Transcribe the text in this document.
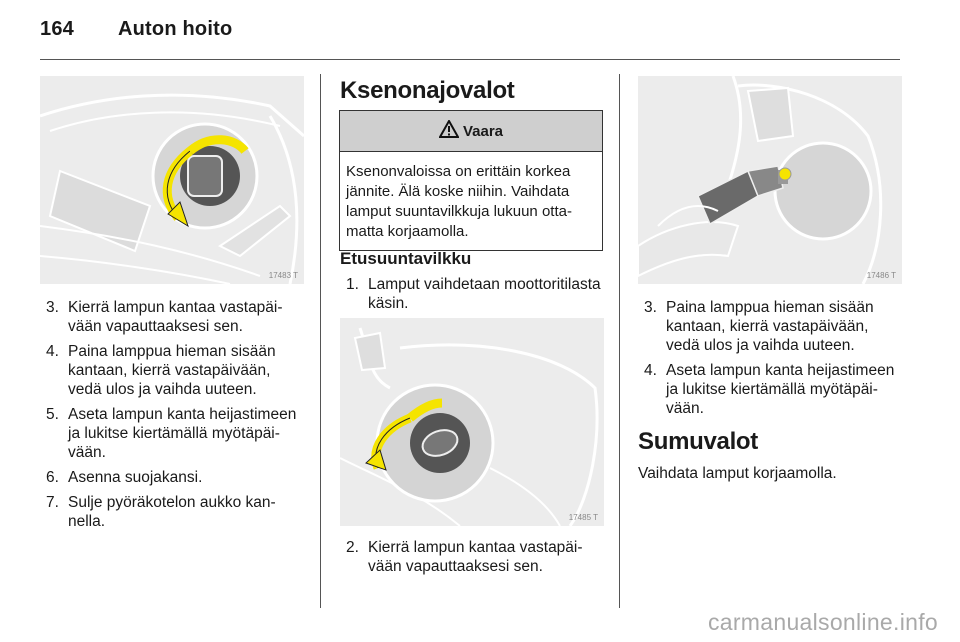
164 Auton hoito
17483 T
3. Kierrä lampun kantaa vastapäivään vapauttaaksesi sen.
4. Paina lamppua hieman sisään kantaan, kierrä vastapäivään, vedä ulos ja vaihda uuteen.
5. Aseta lampun kanta heijastimeen ja lukitse kiertämällä myötäpäivään.
6. Asenna suojakansi.
7. Sulje pyöräkotelon aukko kannella.
Ksenonajovalot
Vaara
Ksenonvaloissa on erittäin korkea jännite. Älä koske niihin. Vaihdata lamput suuntavilkkuja lukuun ottamatta korjaamolla.
Etusuuntavilkku
1. Lamput vaihdetaan moottoritilasta käsin.
17485 T
2. Kierrä lampun kantaa vastapäivään vapauttaaksesi sen.
17486 T
3. Paina lamppua hieman sisään kantaan, kierrä vastapäivään, vedä ulos ja vaihda uuteen.
4. Aseta lampun kanta heijastimeen ja lukitse kiertämällä myötäpäivään.
Sumuvalot

Vaihdata lamput korjaamolla.

carmanualsonline.info
